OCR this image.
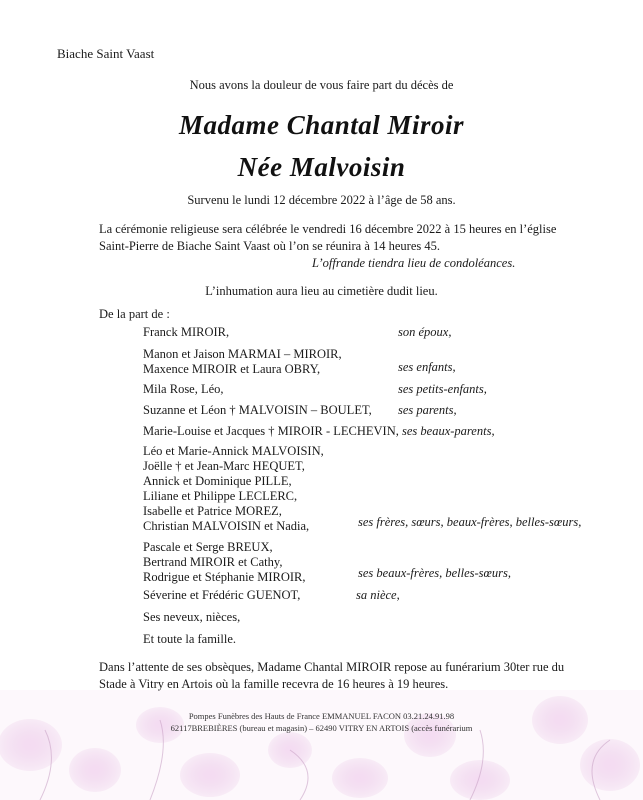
Biache Saint Vaast
Nous avons la douleur de vous faire part du décès de
Madame Chantal Miroir
Née Malvoisin
Survenu le lundi 12 décembre 2022 à l’âge de 58 ans.
La cérémonie religieuse sera célébrée le vendredi 16 décembre 2022 à 15 heures en l’église Saint-Pierre de Biache Saint Vaast où l’on se réunira à 14 heures 45.
L’offrande tiendra lieu de condoléances.
L’inhumation aura lieu au cimetière dudit lieu.
De la part de :
Franck MIROIR,	son époux,
Manon et Jaison MARMAI – MIROIR,
Maxence MIROIR et Laura OBRY,	ses enfants,
Mila Rose, Léo,	ses petits-enfants,
Suzanne et Léon † MALVOISIN – BOULET, ses parents,
Marie-Louise et Jacques † MIROIR - LECHEVIN, ses beaux-parents,
Léo et Marie-Annick MALVOISIN,
Joëlle † et Jean-Marc HEQUET,
Annick et Dominique PILLE,
Liliane et Philippe LECLERC,
Isabelle et Patrice MOREZ,
Christian MALVOISIN et Nadia,	ses frères, sœurs, beaux-frères, belles-sœurs,
Pascale et Serge BREUX,
Bertrand MIROIR et Cathy,
Rodrigue et Stéphanie MIROIR,	ses beaux-frères, belles-sœurs,
Séverine et Frédéric GUENOT,	sa nièce,
Ses neveux, nièces,
Et toute la famille.
Dans l’attente de ses obsèques, Madame Chantal MIROIR repose au funérarium 30ter rue du Stade à Vitry en Artois où la famille recevra de 16 heures à 19 heures.
Pompes Funèbres des Hauts de France EMMANUEL FACON 03.21.24.91.98
62117BREBIÈRES (bureau et magasin) – 62490 VITRY EN ARTOIS (accès funérarium
